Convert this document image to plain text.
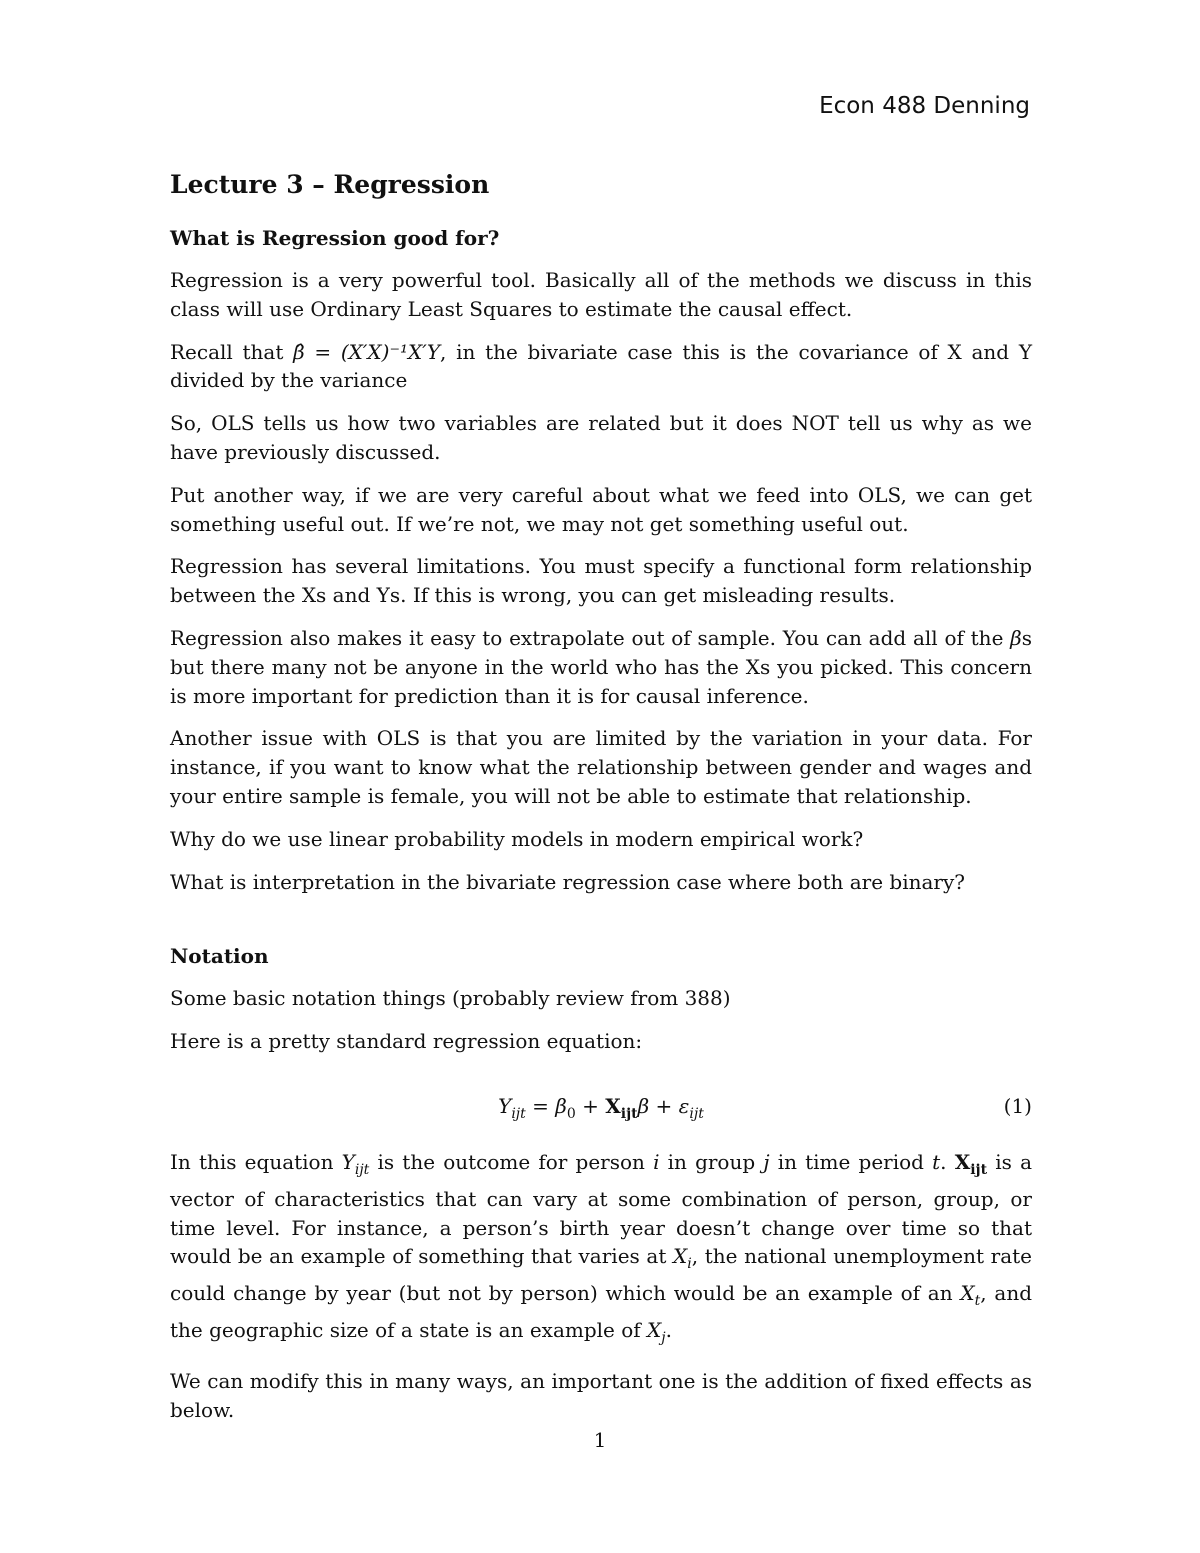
Econ 488 Denning
Lecture 3 – Regression
What is Regression good for?

Regression is a very powerful tool. Basically all of the methods we discuss in this class will use Ordinary Least Squares to estimate the causal effect.

Recall that β̂ = (X′X)⁻¹X′Y, in the bivariate case this is the covariance of X and Y divided by the variance

So, OLS tells us how two variables are related but it does NOT tell us why as we have previously discussed.

Put another way, if we are very careful about what we feed into OLS, we can get something useful out. If we’re not, we may not get something useful out.

Regression has several limitations. You must specify a functional form relationship between the Xs and Ys. If this is wrong, you can get misleading results.

Regression also makes it easy to extrapolate out of sample. You can add all of the βs but there many not be anyone in the world who has the Xs you picked. This concern is more important for prediction than it is for causal inference.

Another issue with OLS is that you are limited by the variation in your data. For instance, if you want to know what the relationship between gender and wages and your entire sample is female, you will not be able to estimate that relationship.

Why do we use linear probability models in modern empirical work?

What is interpretation in the bivariate regression case where both are binary?

Notation

Some basic notation things (probably review from 388)

Here is a pretty standard regression equation:

$Y_{ijt} = \beta_0 + X_{ijt}\beta + \varepsilon_{ijt}$	(1)

In this equation $Y_{ijt}$ is the outcome for person i in group j in time period t. $X_{ijt}$ is a vector of characteristics that can vary at some combination of person, group, or time level. For instance, a person’s birth year doesn’t change over time so that would be an example of something that varies at $X_i$, the national unemployment rate could change by year (but not by person) which would be an example of an $X_t$, and the geographic size of a state is an example of $X_j$.

We can modify this in many ways, an important one is the addition of fixed effects as below.

1
